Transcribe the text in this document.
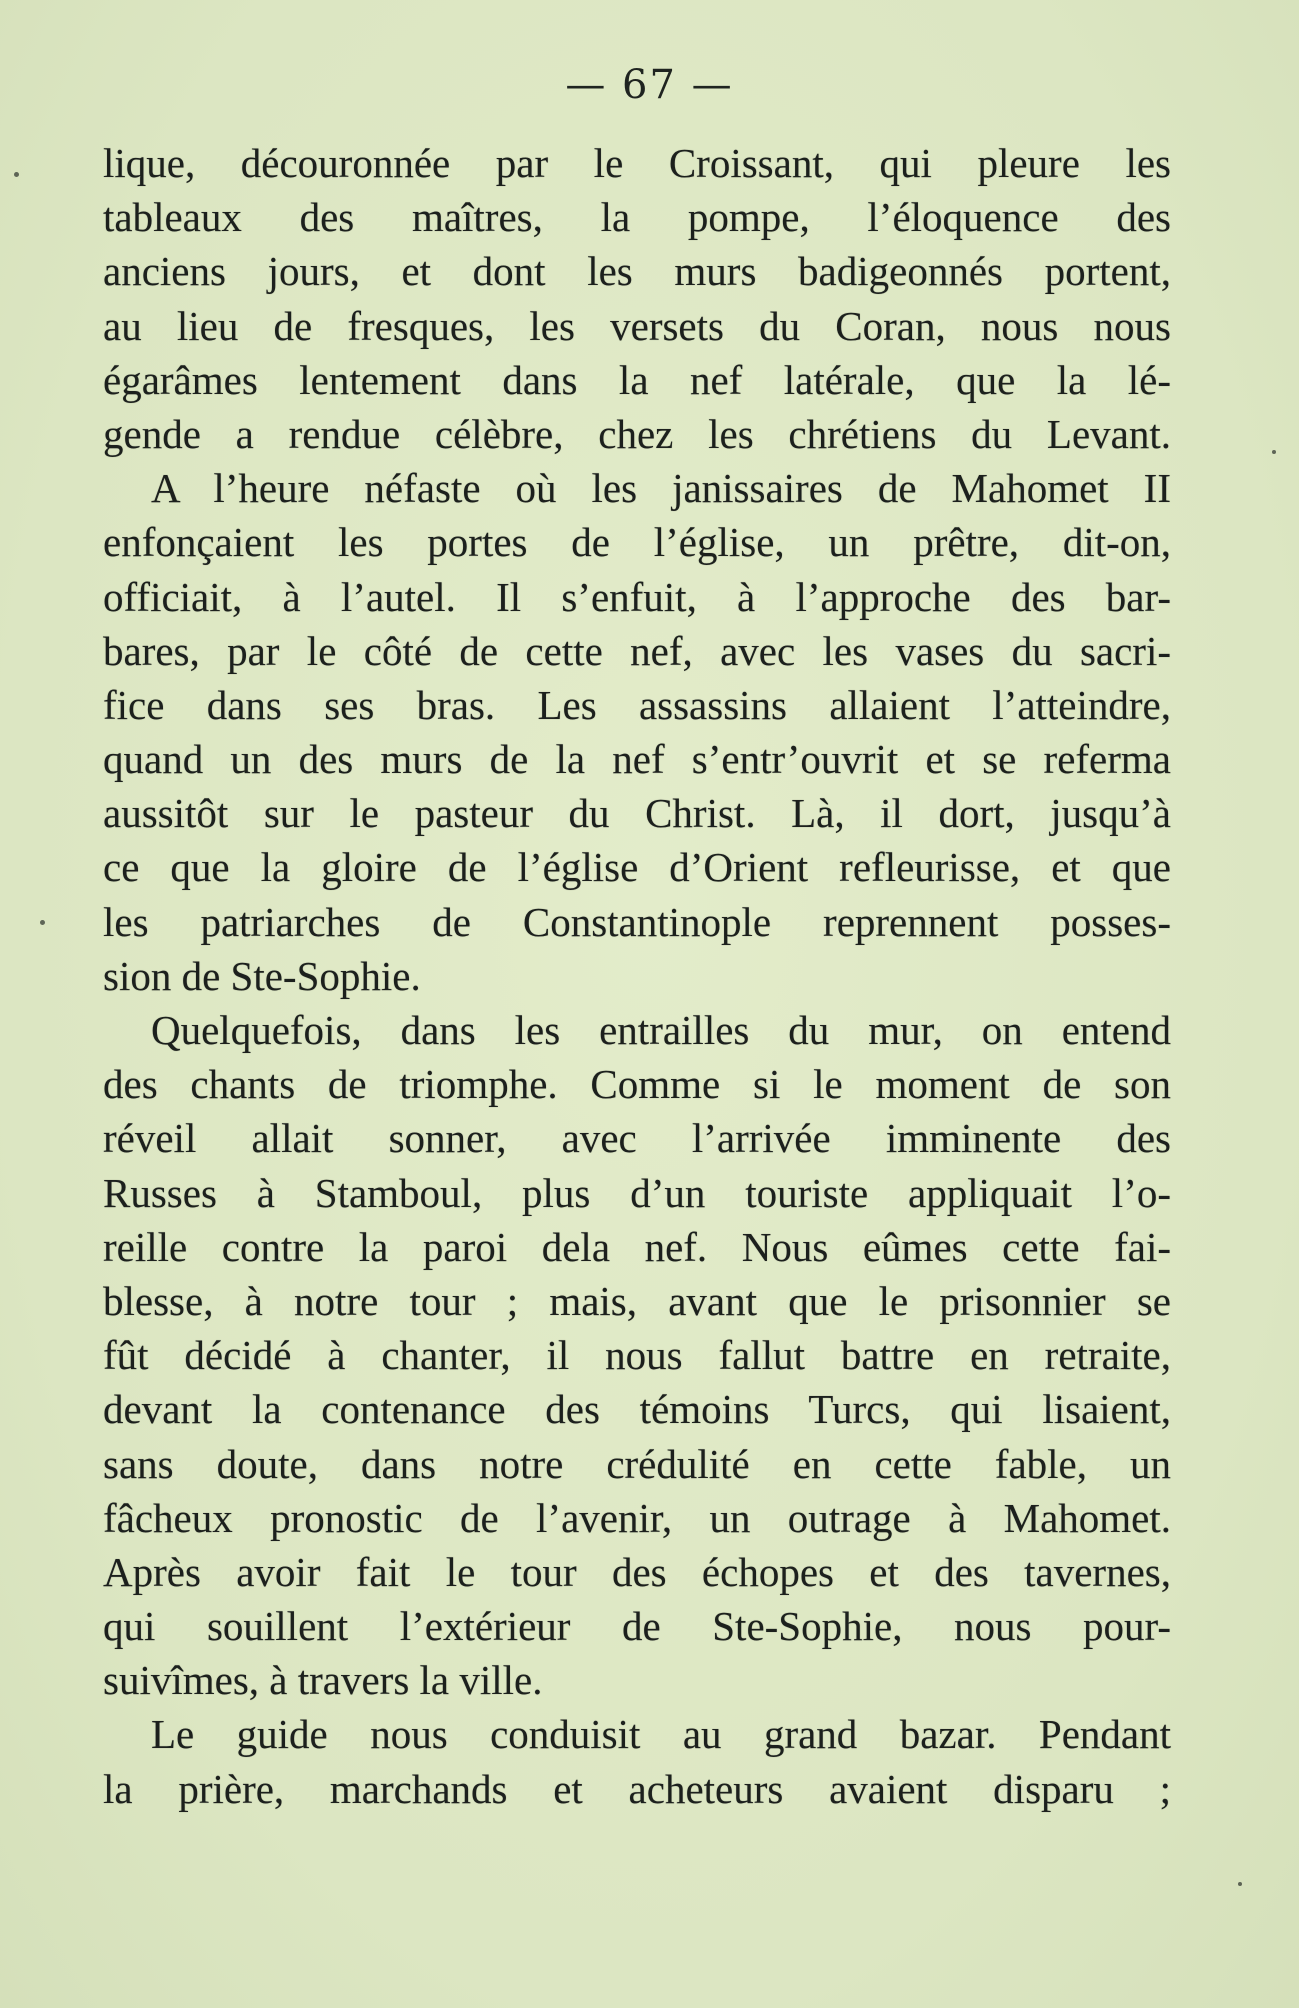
— 67 —
lique, découronnée par le Croissant, qui pleure les
tableaux des maîtres, la pompe, l’éloquence des
anciens jours, et dont les murs badigeonnés portent,
au lieu de fresques, les versets du Coran, nous nous
égarâmes lentement dans la nef latérale, que la lé-
gende a rendue célèbre, chez les chrétiens du Levant.
A l’heure néfaste où les janissaires de Mahomet II
enfonçaient les portes de l’église, un prêtre, dit-on,
officiait, à l’autel. Il s’enfuit, à l’approche des bar-
bares, par le côté de cette nef, avec les vases du sacri-
fice dans ses bras. Les assassins allaient l’atteindre,
quand un des murs de la nef s’entr’ouvrit et se referma
aussitôt sur le pasteur du Christ. Là, il dort, jusqu’à
ce que la gloire de l’église d’Orient refleurisse, et que
les patriarches de Constantinople reprennent posses-
sion de Ste-Sophie.
Quelquefois, dans les entrailles du mur, on entend
des chants de triomphe. Comme si le moment de son
réveil allait sonner, avec l’arrivée imminente des
Russes à Stamboul, plus d’un touriste appliquait l’o-
reille contre la paroi dela nef. Nous eûmes cette fai-
blesse, à notre tour ; mais, avant que le prisonnier se
fût décidé à chanter, il nous fallut battre en retraite,
devant la contenance des témoins Turcs, qui lisaient,
sans doute, dans notre crédulité en cette fable, un
fâcheux pronostic de l’avenir, un outrage à Mahomet.
Après avoir fait le tour des échopes et des tavernes,
qui souillent l’extérieur de Ste-Sophie, nous pour-
suivîmes, à travers la ville.
Le guide nous conduisit au grand bazar. Pendant
la prière, marchands et acheteurs avaient disparu ;
